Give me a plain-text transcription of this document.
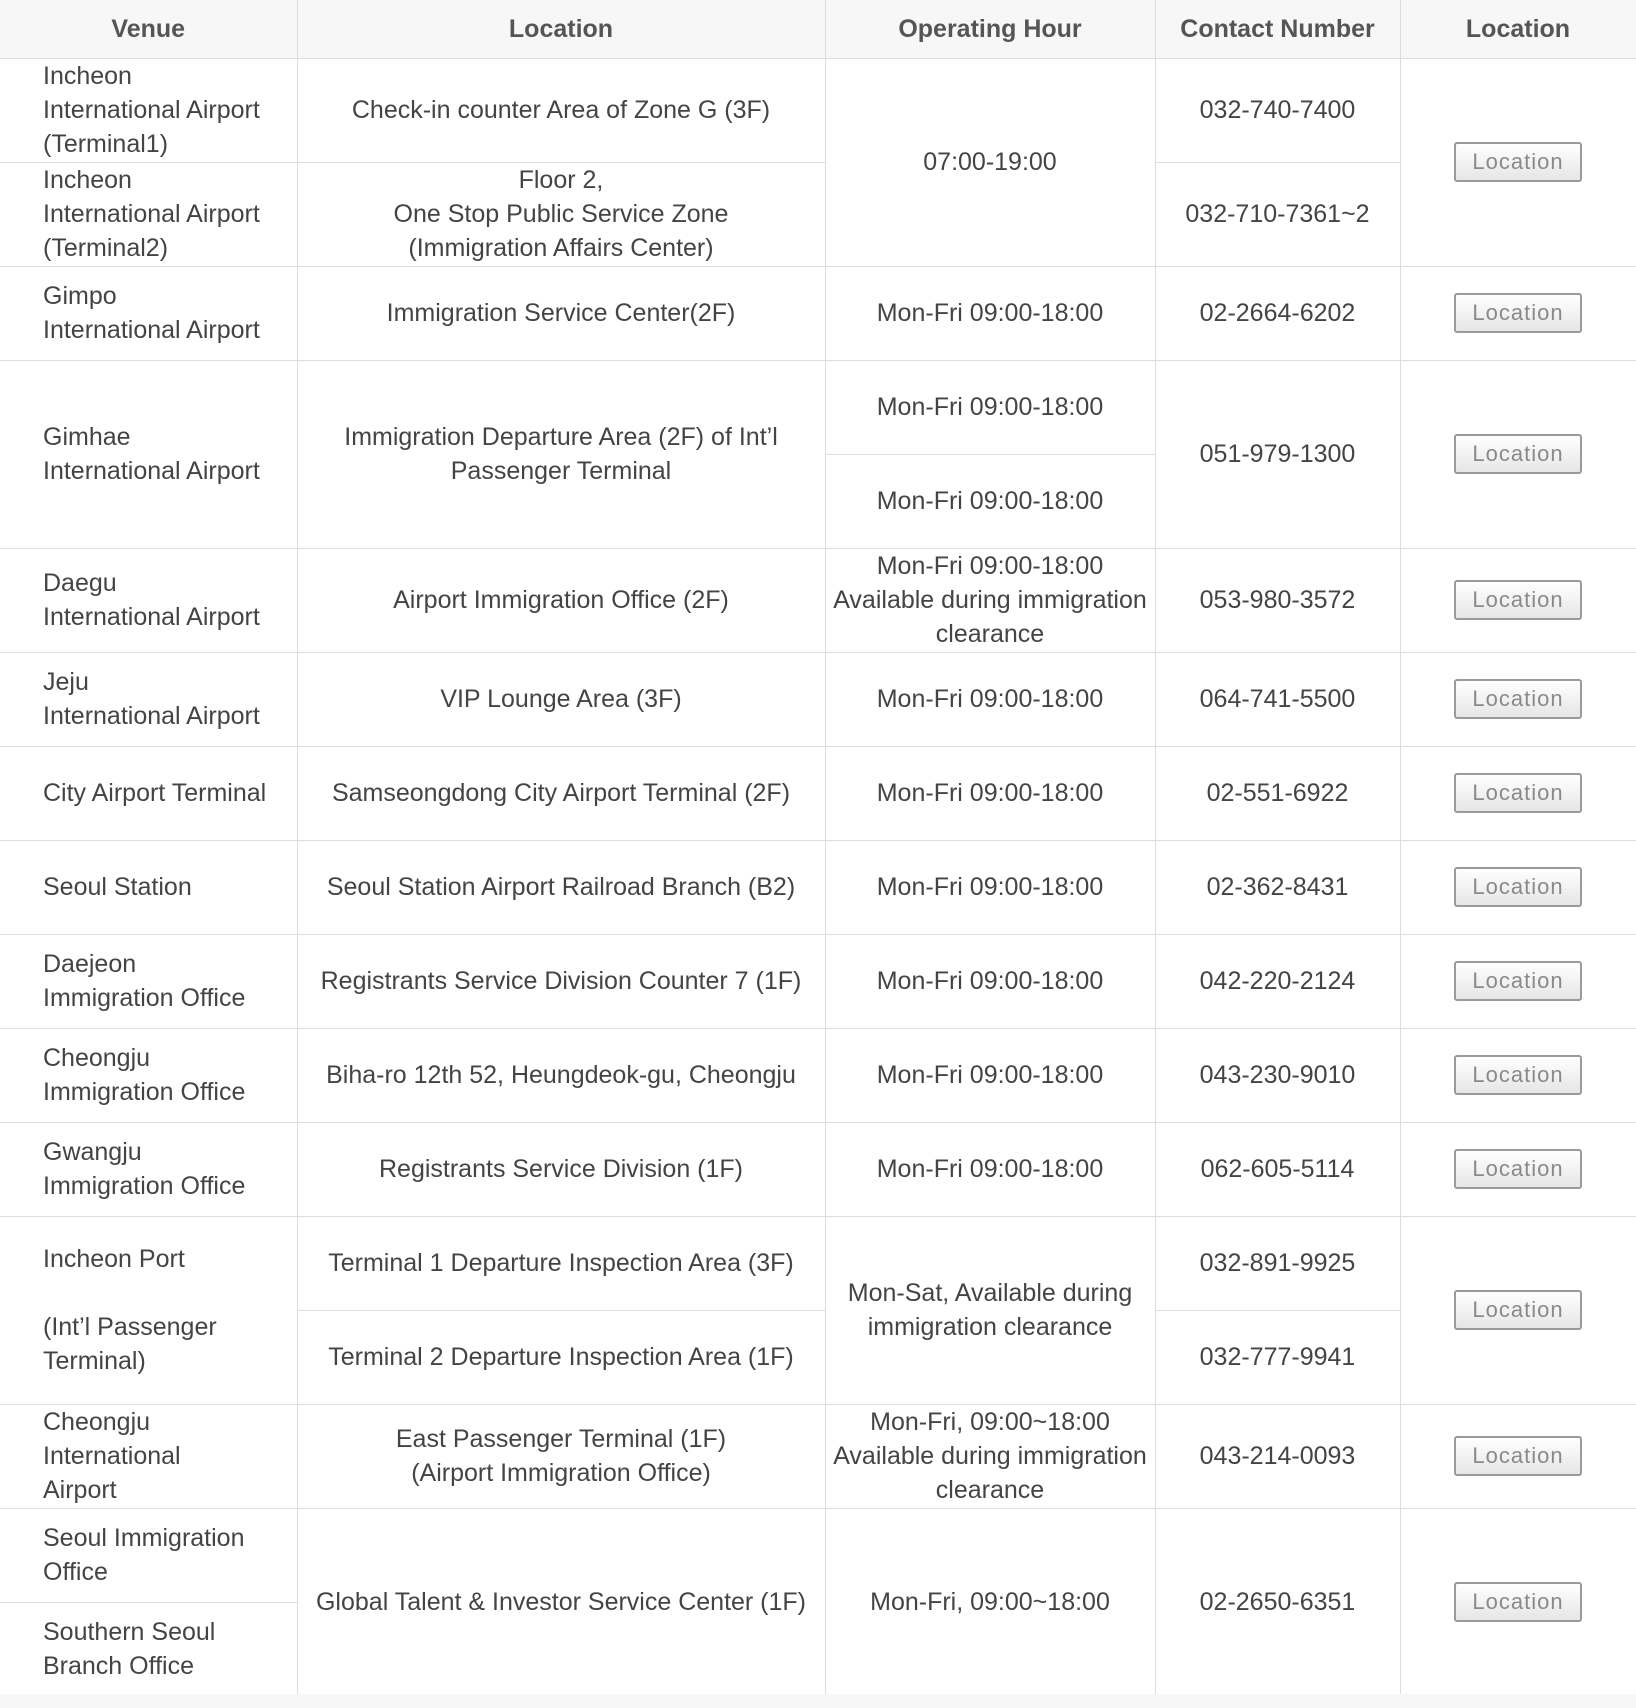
Venue	Location	Operating Hour	Contact Number	Location

Incheon
International Airport
(Terminal1)	Check-in counter Area of Zone G (3F)	07:00-19:00	032-740-7400	Location

Incheon
International Airport
(Terminal2)	Floor 2,
One Stop Public Service Zone
(Immigration Affairs Center)		032-710-7361~2	

Gimpo
International Airport	Immigration Service Center(2F)	Mon-Fri 09:00-18:00	02-2664-6202	Location

Gimhae
International Airport	Immigration Departure Area (2F) of Int’l
Passenger Terminal	Mon-Fri 09:00-18:00	051-979-1300	Location

		Mon-Fri 09:00-18:00		

Daegu
International Airport	Airport Immigration Office (2F)	Mon-Fri 09:00-18:00
Available during immigration
clearance	053-980-3572	Location

Jeju
International Airport	VIP Lounge Area (3F)	Mon-Fri 09:00-18:00	064-741-5500	Location

City Airport Terminal	Samseongdong City Airport Terminal (2F)	Mon-Fri 09:00-18:00	02-551-6922	Location

Seoul Station	Seoul Station Airport Railroad Branch (B2)	Mon-Fri 09:00-18:00	02-362-8431	Location

Daejeon
Immigration Office	Registrants Service Division Counter 7 (1F)	Mon-Fri 09:00-18:00	042-220-2124	Location

Cheongju
Immigration Office	Biha-ro 12th 52, Heungdeok-gu, Cheongju	Mon-Fri 09:00-18:00	043-230-9010	Location

Gwangju
Immigration Office	Registrants Service Division (1F)	Mon-Fri 09:00-18:00	062-605-5114	Location

Incheon Port
(Int’l Passenger
Terminal)	Terminal 1 Departure Inspection Area (3F)	Mon-Sat, Available during
immigration clearance	032-891-9925	Location

	Terminal 2 Departure Inspection Area (1F)		032-777-9941	

Cheongju International
Airport	East Passenger Terminal (1F)
(Airport Immigration Office)	Mon-Fri, 09:00~18:00
Available during immigration
clearance	043-214-0093	Location

Seoul Immigration
Office	Global Talent & Investor Service Center (1F)	Mon-Fri, 09:00~18:00	02-2650-6351	Location

Southern Seoul
Branch Office				
